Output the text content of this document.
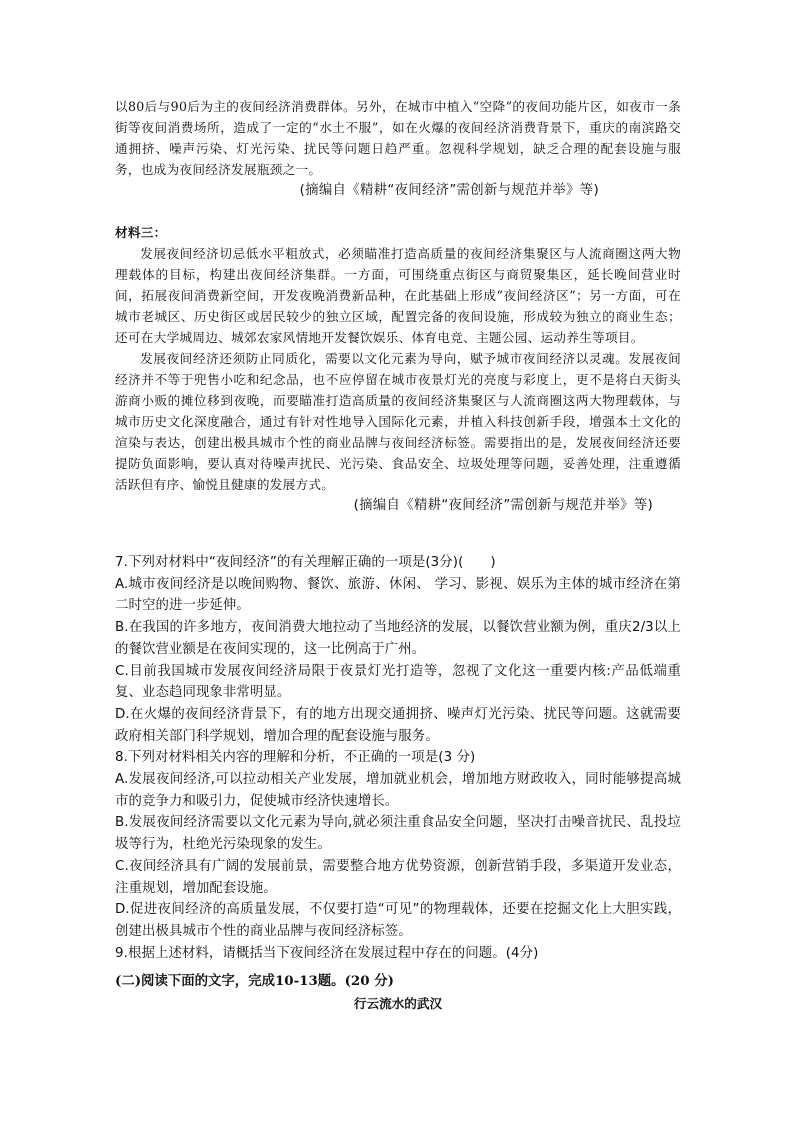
以80后与90后为主的夜间经济消费群体。另外，在城市中植入“空降”的夜间功能片区，如夜市一条街等夜间消费场所，造成了一定的“水土不服”，如在火爆的夜间经济消费背景下，重庆的南滨路交通拥挤、噪声污染、灯光污染、扰民等问题日趋严重。忽视科学规划，缺乏合理的配套设施与服务，也成为夜间经济发展瓶颈之一。

(摘编自《精耕“夜间经济”需创新与规范并举》等)

材料三：

发展夜间经济切忌低水平粗放式，必须瞄准打造高质量的夜间经济集聚区与人流商圈这两大物理载体的目标，构建出夜间经济集群。一方面，可围绕重点街区与商贸聚集区，延长晚间营业时间，拓展夜间消费新空间，开发夜晚消费新品种，在此基础上形成“夜间经济区”；另一方面，可在城市老城区、历史街区或居民较少的独立区域，配置完备的夜间设施，形成较为独立的商业生态；还可在大学城周边、城郊农家风情地开发餐饮娱乐、体育电竞、主题公园、运动养生等项目。

发展夜间经济还须防止同质化，需要以文化元素为导向，赋予城市夜间经济以灵魂。发展夜间经济并不等于兜售小吃和纪念品，也不应停留在城市夜景灯光的亮度与彩度上，更不是将白天街头游商小贩的摊位移到夜晚，而要瞄准打造高质量的夜间经济集聚区与人流商圈这两大物理载体，与城市历史文化深度融合，通过有针对性地导入国际化元素，并植入科技创新手段，增强本土文化的渲染与表达，创建出极具城市个性的商业品牌与夜间经济标签。需要指出的是，发展夜间经济还要提防负面影响，要认真对待噪声扰民、光污染、食品安全、垃圾处理等问题，妥善处理，注重遵循活跃但有序、愉悦且健康的发展方式。

(摘编自《精耕“夜间经济”需创新与规范并举》等)

7.下列对材料中“夜间经济”的有关理解正确的一项是(3分)(　　)

A.城市夜间经济是以晚间购物、餐饮、旅游、休闲、 学习、影视、娱乐为主体的城市经济在第二时空的进一步延伸。

B.在我国的许多地方，夜间消费大地拉动了当地经济的发展，以餐饮营业额为例，重庆2/3以上的餐饮营业额是在夜间实现的，这一比例高于广州。

C.目前我国城市发展夜间经济局限于夜景灯光打造等，忽视了文化这一重要内核:产品低端重复、业态趋同现象非常明显。

D.在火爆的夜间经济背景下，有的地方出现交通拥挤、噪声灯光污染、扰民等问题。这就需要政府相关部门科学规划，增加合理的配套设施与服务。

8.下列对材料相关内容的理解和分析，不正确的一项是(3 分)

A.发展夜间经济,可以拉动相关产业发展，增加就业机会，增加地方财政收入，同时能够提高城市的竞争力和吸引力，促使城市经济快速增长。

B.发展夜间经济需要以文化元素为导向,就必须注重食品安全问题，坚决打击噪音扰民、乱投垃圾等行为，杜绝光污染现象的发生。

C.夜间经济具有广阔的发展前景，需要整合地方优势资源，创新营销手段，多渠道开发业态，注重规划，增加配套设施。

D.促进夜间经济的高质量发展，不仅要打造“可见”的物理载体，还要在挖掘文化上大胆实践，创建出极具城市个性的商业品牌与夜间经济标签。

9.根据上述材料，请概括当下夜间经济在发展过程中存在的问题。(4分)

(二)阅读下面的文字，完成10-13题。(20 分)

行云流水的武汉
